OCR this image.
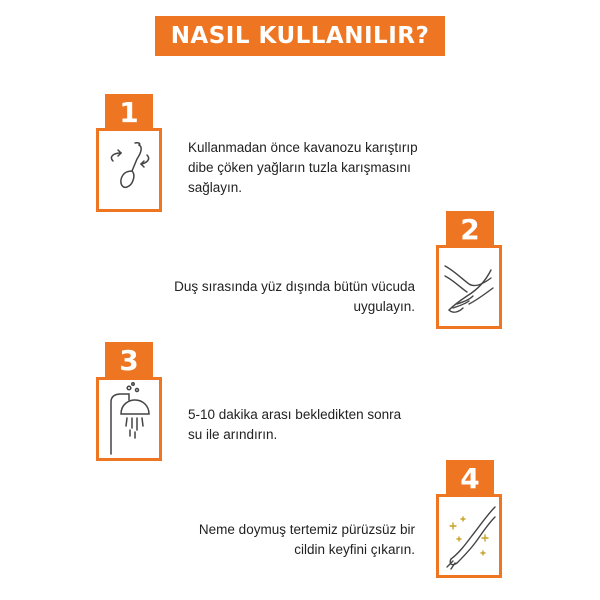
NASIL KULLANILIR?
1
Kullanmadan önce kavanozu karıştırıp dibe çöken yağların tuzla karışmasını sağlayın.
2
Duş sırasında yüz dışında bütün vücuda uygulayın.
3
5-10 dakika arası bekledikten sonra su ile arındırın.
4
Neme doymuş tertemiz pürüzsüz bir cildin keyfini çıkarın.
